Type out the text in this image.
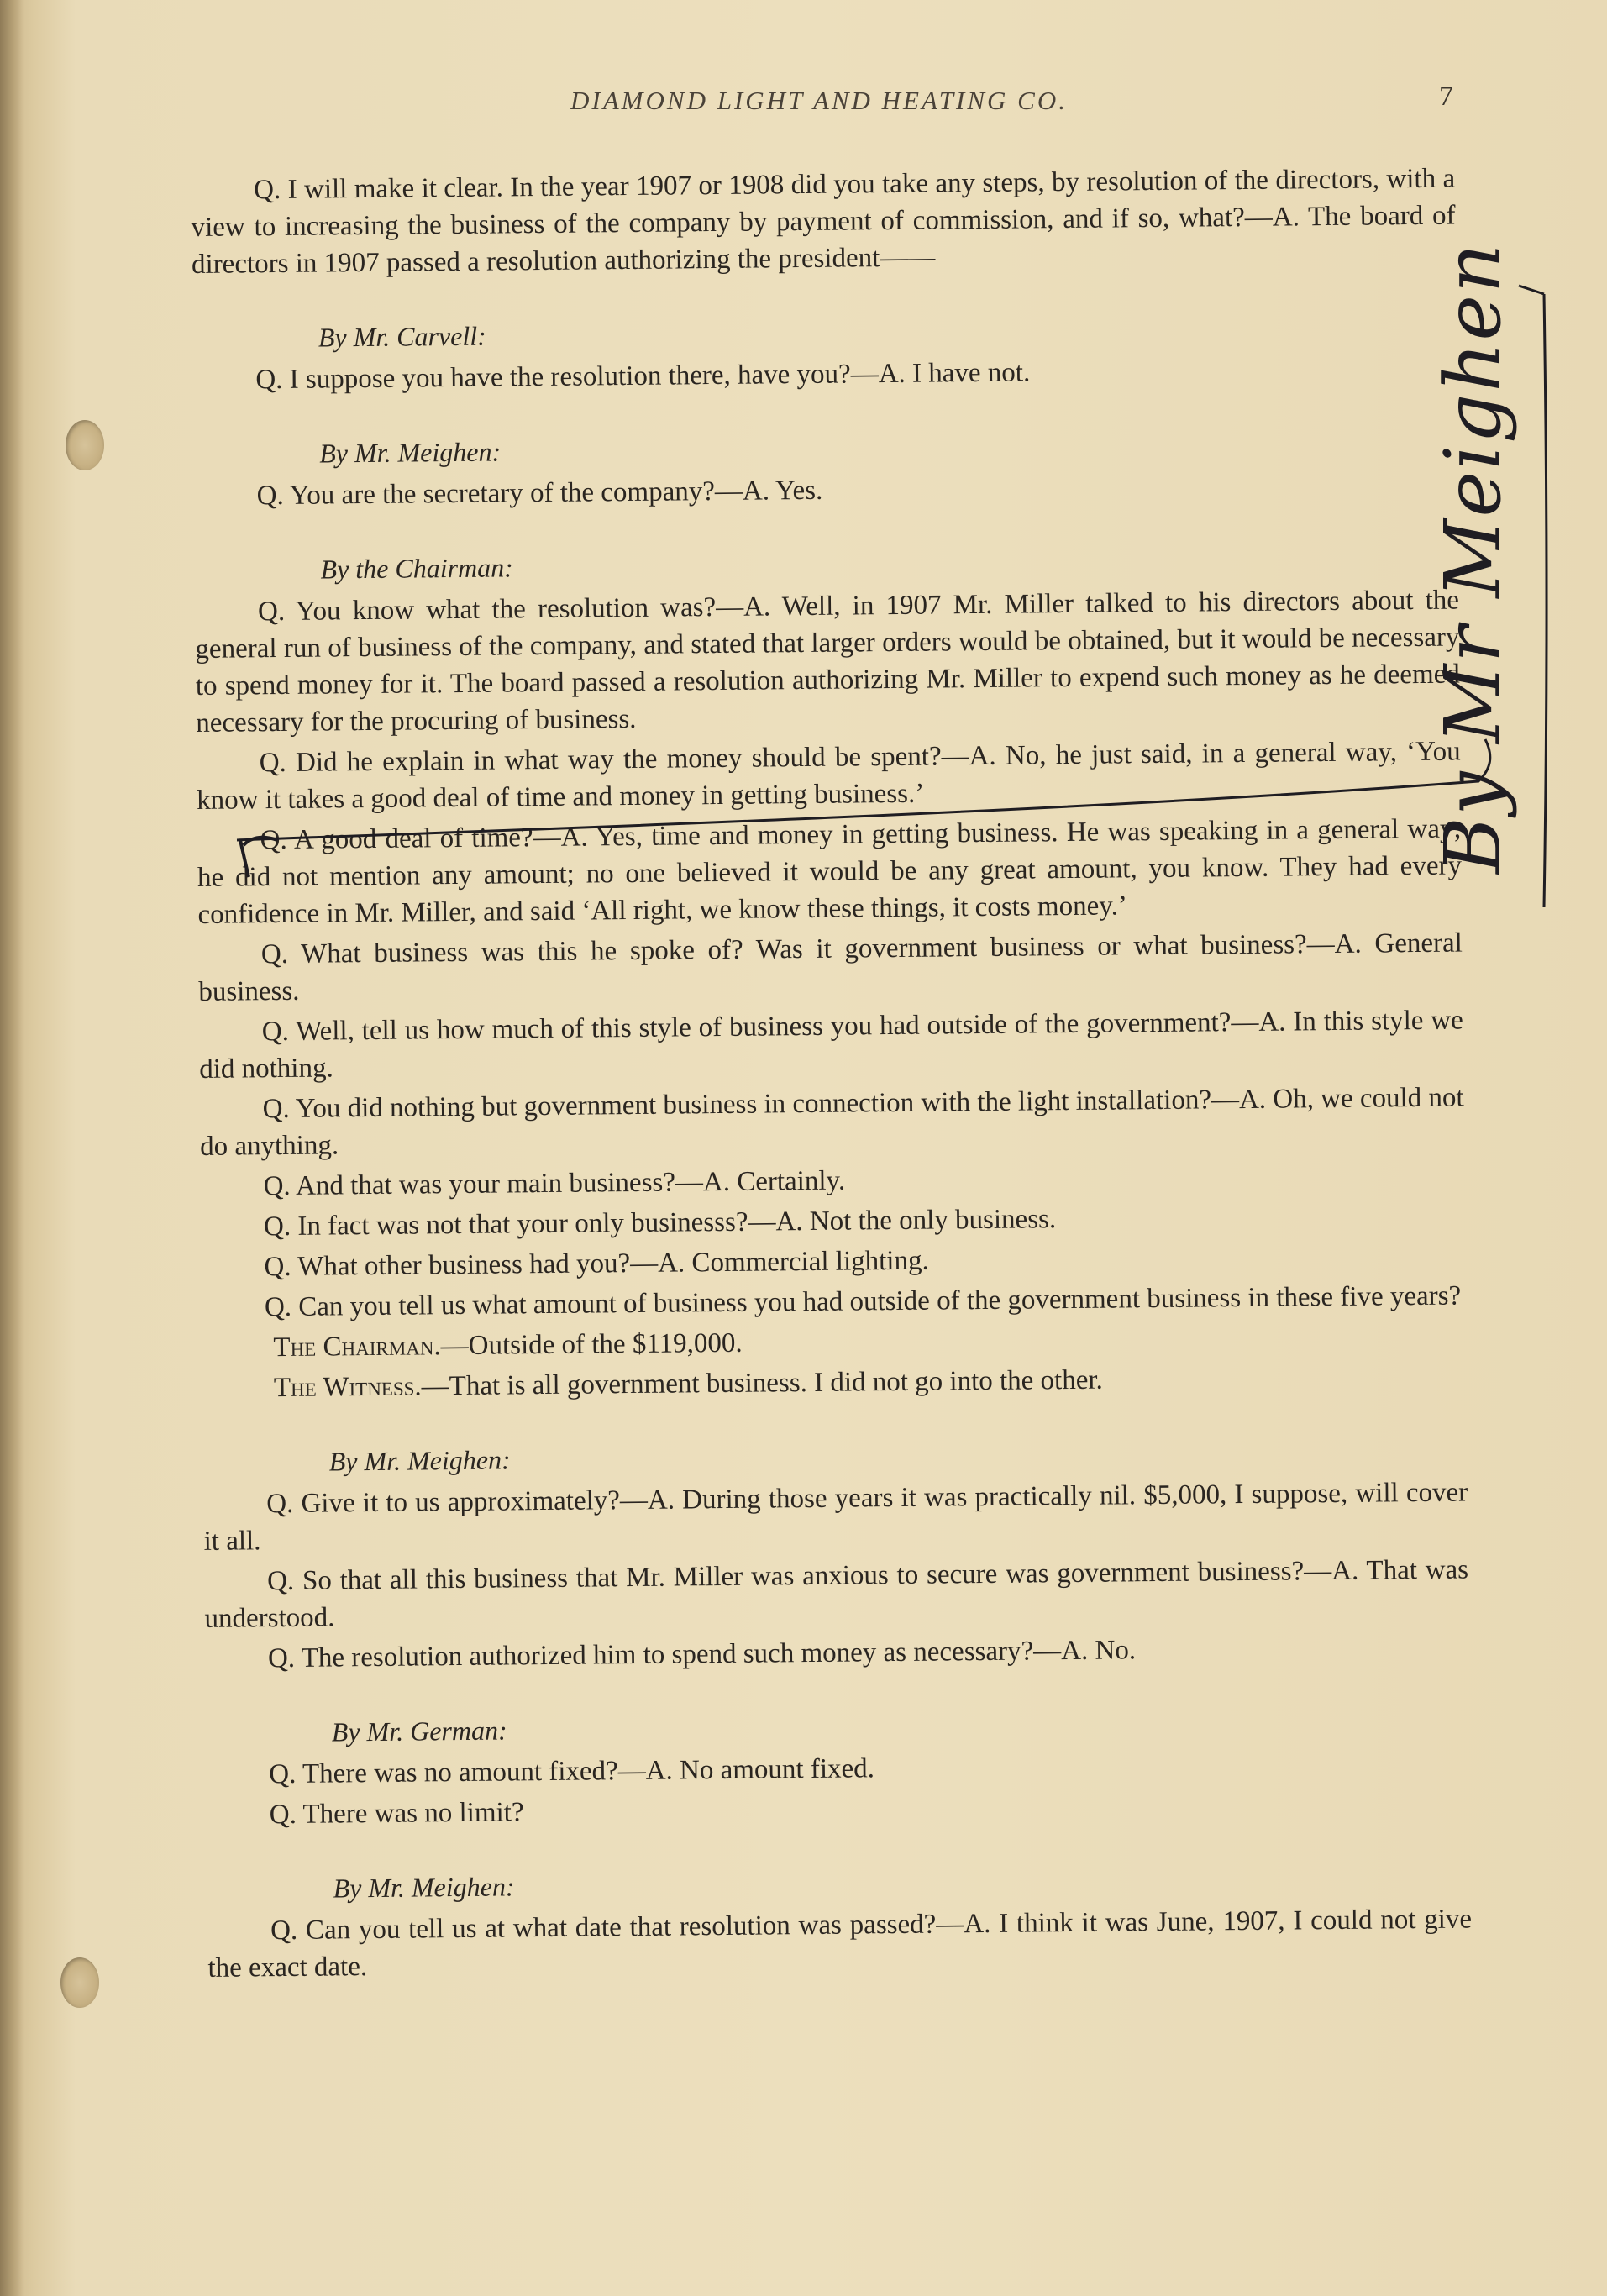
DIAMOND LIGHT AND HEATING CO.	7

Q. I will make it clear. In the year 1907 or 1908 did you take any steps, by resolution of the directors, with a view to increasing the business of the company by payment of commission, and if so, what?—A. The board of directors in 1907 passed a resolution authorizing the president——

By Mr. Carvell:

Q. I suppose you have the resolution there, have you?—A. I have not.

By Mr. Meighen:

Q. You are the secretary of the company?—A. Yes.

By the Chairman:

Q. You know what the resolution was?—A. Well, in 1907 Mr. Miller talked to his directors about the general run of business of the company, and stated that larger orders would be obtained, but it would be necessary to spend money for it. The board passed a resolution authorizing Mr. Miller to expend such money as he deemed necessary for the procuring of business.

Q. Did he explain in what way the money should be spent?—A. No, he just said, in a general way, ‘You know it takes a good deal of time and money in getting business.’

Q. A good deal of time?—A. Yes, time and money in getting business. He was speaking in a general way; he did not mention any amount; no one believed it would be any great amount, you know. They had every confidence in Mr. Miller, and said ‘All right, we know these things, it costs money.’

Q. What business was this he spoke of? Was it government business or what business?—A. General business.

Q. Well, tell us how much of this style of business you had outside of the government?—A. In this style we did nothing.

Q. You did nothing but government business in connection with the light installation?—A. Oh, we could not do anything.

Q. And that was your main business?—A. Certainly.

Q. In fact was not that your only businesss?—A. Not the only business.

Q. What other business had you?—A. Commercial lighting.

Q. Can you tell us what amount of business you had outside of the government business in these five years?

The Chairman.—Outside of the $119,000.

The Witness.—That is all government business. I did not go into the other.

By Mr. Meighen:

Q. Give it to us approximately?—A. During those years it was practically nil. $5,000, I suppose, will cover it all.

Q. So that all this business that Mr. Miller was anxious to secure was government business?—A. That was understood.

Q. The resolution authorized him to spend such money as necessary?—A. No.

By Mr. German:

Q. There was no amount fixed?—A. No amount fixed.

Q. There was no limit?

By Mr. Meighen:

Q. Can you tell us at what date that resolution was passed?—A. I think it was June, 1907, I could not give the exact date.

By Mr Meighen
